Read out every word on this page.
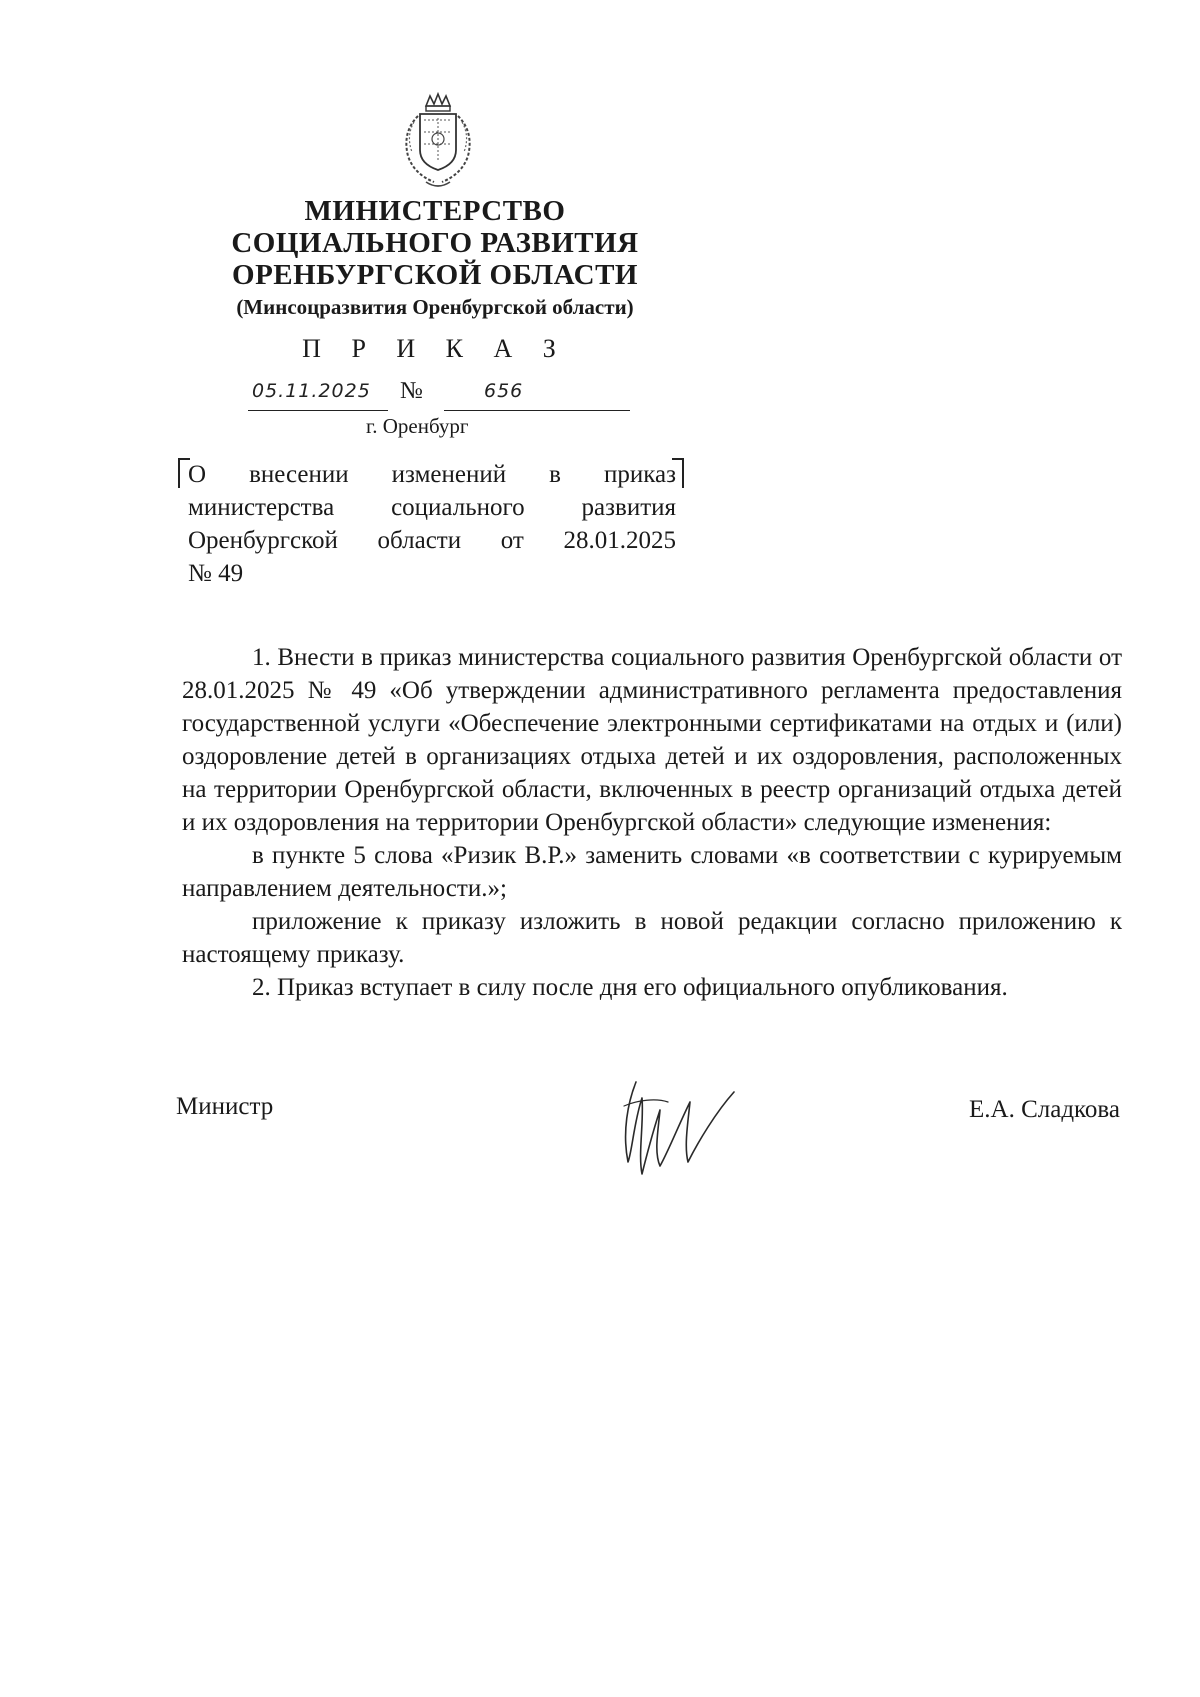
МИНИСТЕРСТВО
СОЦИАЛЬНОГО РАЗВИТИЯ
ОРЕНБУРГСКОЙ ОБЛАСТИ
(Минсоцразвития Оренбургской области)
П Р И К А З
05.11.2025 №	656
г. Оренбург
О внесении изменений в приказ
министерства социального развития
Оренбургской области от 28.01.2025
№ 49

1. Внести в приказ министерства социального развития Оренбургской области от 28.01.2025 № 49 «Об утверждении административного регламента предоставления государственной услуги «Обеспечение электронными сертификатами на отдых и (или) оздоровление детей в организациях отдыха детей и их оздоровления, расположенных на территории Оренбургской области, включенных в реестр организаций отдыха детей и их оздоровления на территории Оренбургской области» следующие изменения:

в пункте 5 слова «Ризик В.Р.» заменить словами «в соответствии с курируемым направлением деятельности.»;

приложение к приказу изложить в новой редакции согласно приложению к настоящему приказу.

2. Приказ вступает в силу после дня его официального опубликования.

Министр	Е.А. Сладкова
